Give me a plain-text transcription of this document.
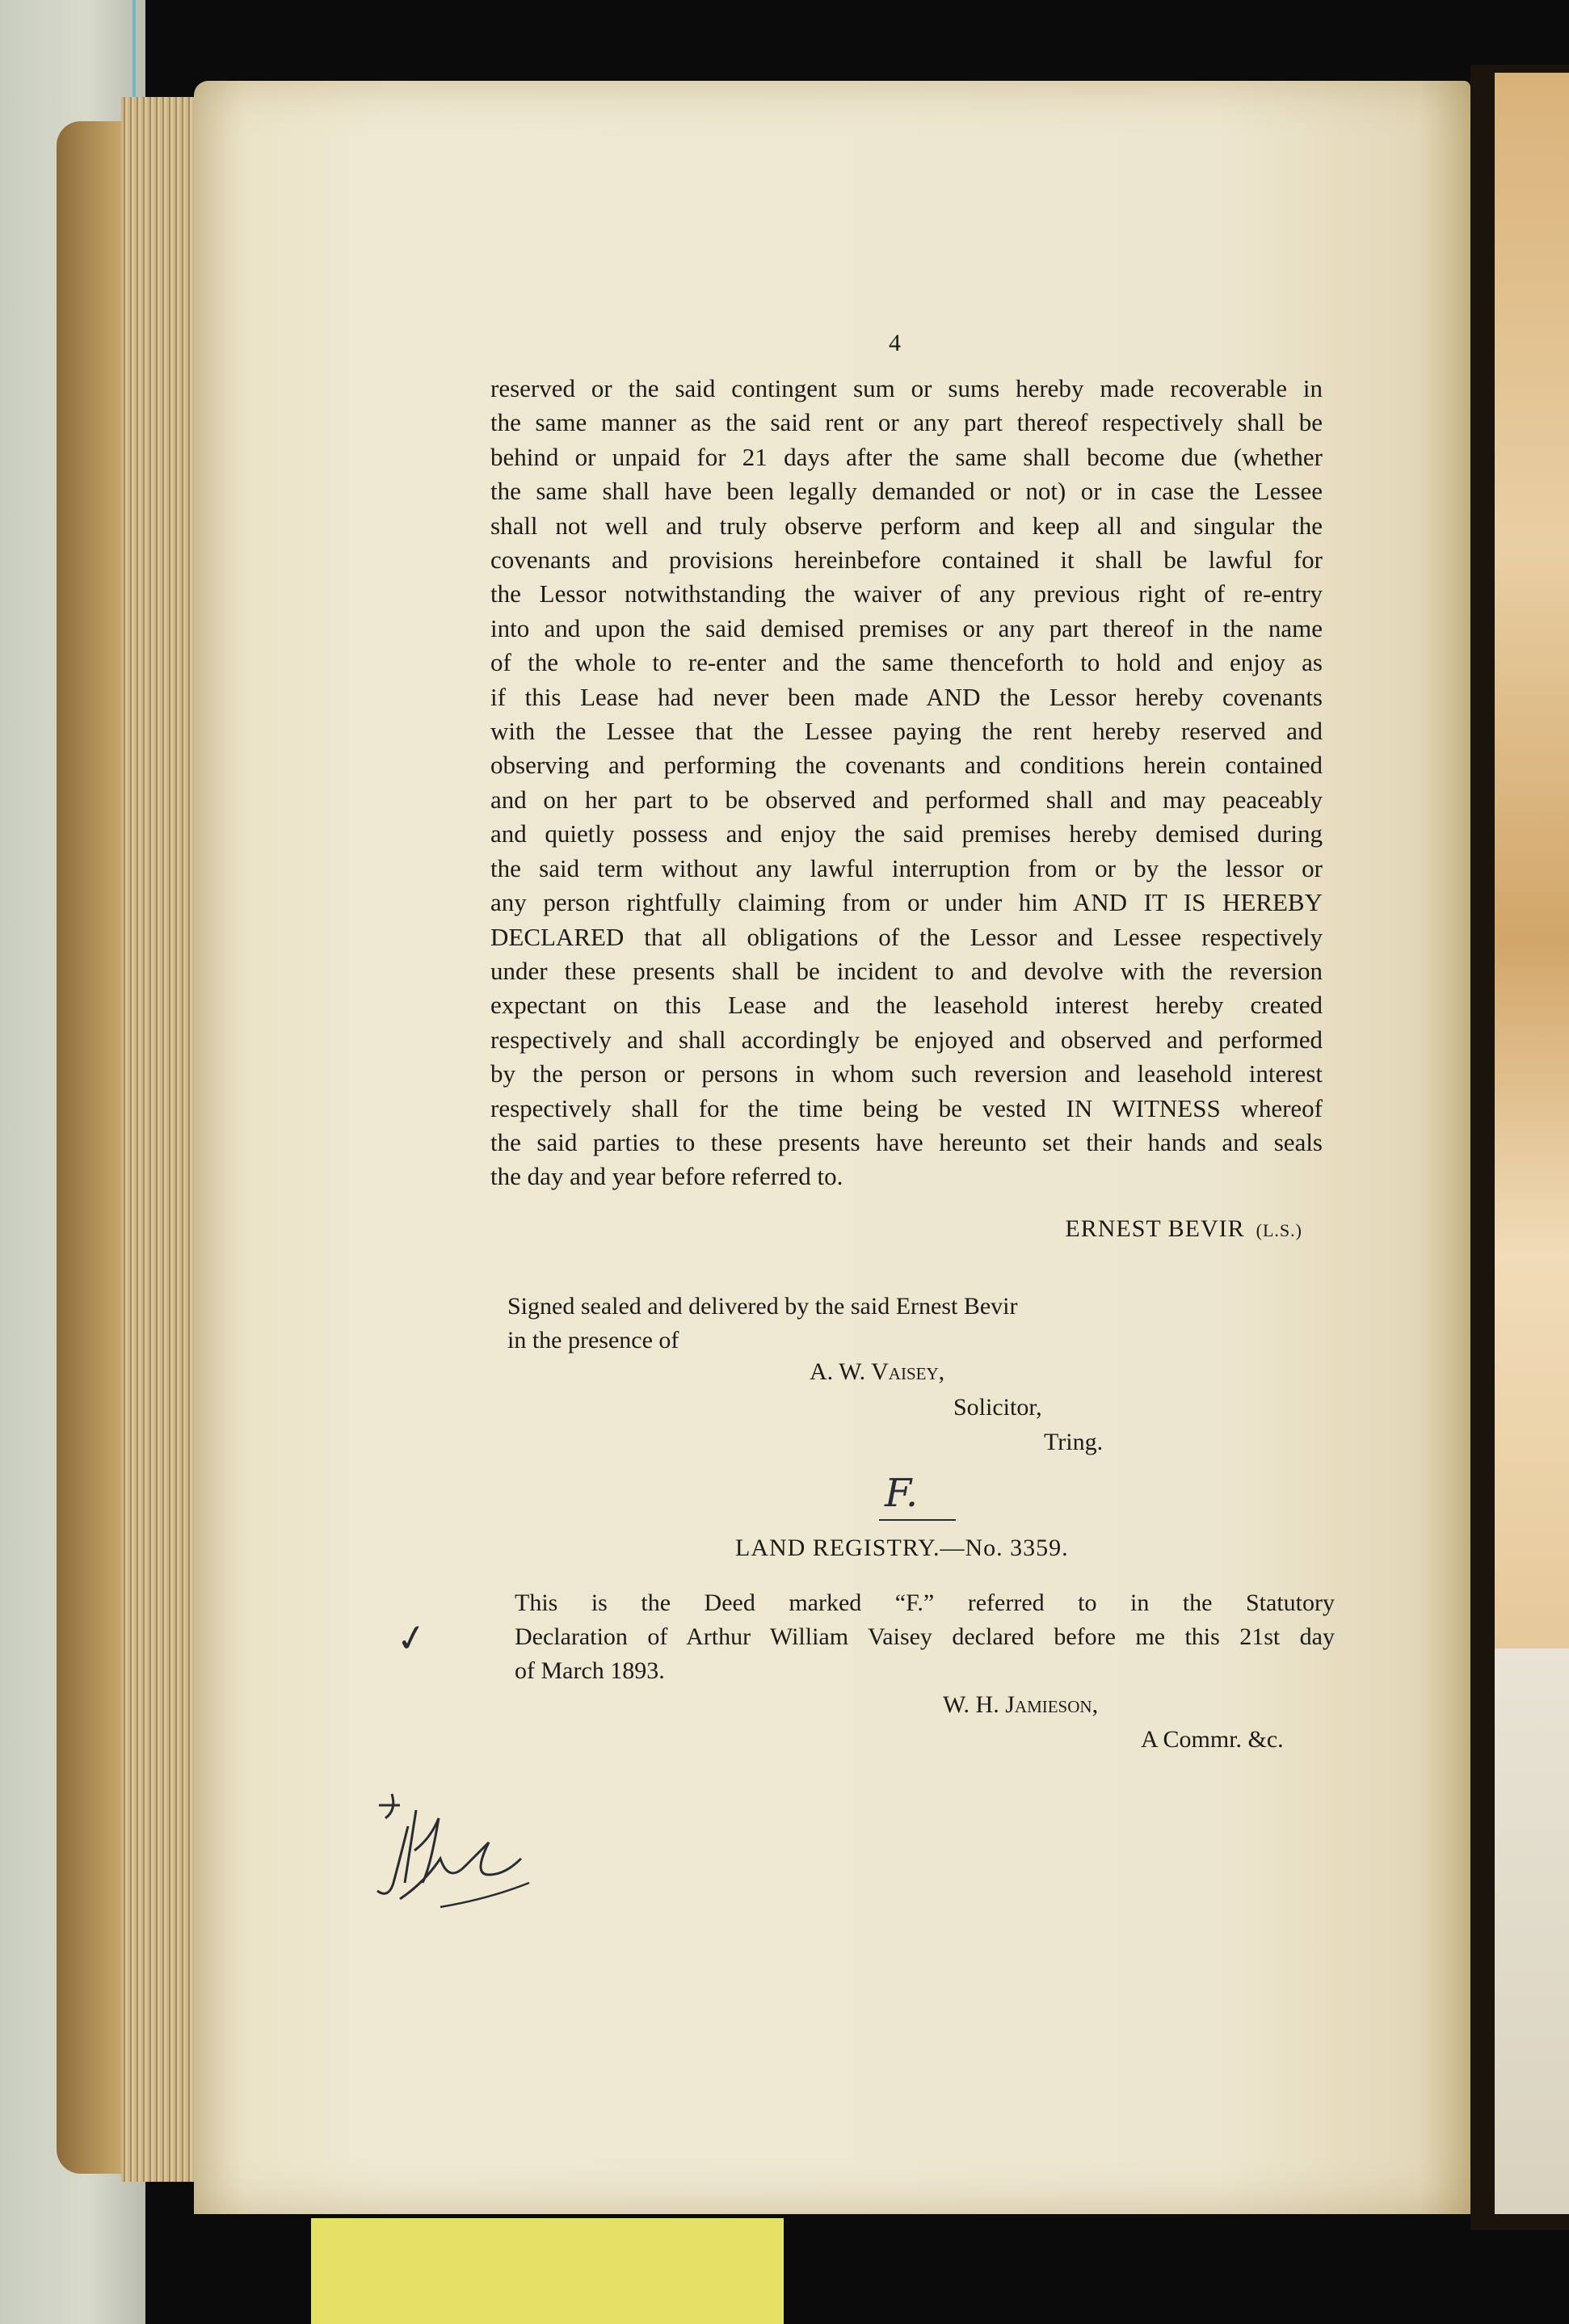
4
reserved or the said contingent sum or sums hereby made recoverable in
the same manner as the said rent or any part thereof respectively shall be
behind or unpaid for 21 days after the same shall become due (whether
the same shall have been legally demanded or not) or in case the Lessee
shall not well and truly observe perform and keep all and singular the
covenants and provisions hereinbefore contained it shall be lawful for
the Lessor notwithstanding the waiver of any previous right of re-entry
into and upon the said demised premises or any part thereof in the name
of the whole to re-enter and the same thenceforth to hold and enjoy as
if this Lease had never been made AND the Lessor hereby covenants
with the Lessee that the Lessee paying the rent hereby reserved and
observing and performing the covenants and conditions herein contained
and on her part to be observed and performed shall and may peaceably
and quietly possess and enjoy the said premises hereby demised during
the said term without any lawful interruption from or by the lessor or
any person rightfully claiming from or under him AND IT IS HEREBY
DECLARED that all obligations of the Lessor and Lessee respectively
under these presents shall be incident to and devolve with the reversion
expectant on this Lease and the leasehold interest hereby created
respectively and shall accordingly be enjoyed and observed and performed
by the person or persons in whom such reversion and leasehold interest
respectively shall for the time being be vested IN WITNESS whereof
the said parties to these presents have hereunto set their hands and seals
the day and year before referred to.
ERNEST BEVIR (L.S.)
Signed sealed and delivered by the said Ernest Bevir
in the presence of
A. W. Vaisey,
Solicitor,
Tring.
F.
LAND REGISTRY.—No. 3359.
This is the Deed marked “F.” referred to in the Statutory
Declaration of Arthur William Vaisey declared before me this 21st day
of March 1893.
W. H. Jamieson,
A Commr. &c.
✓
